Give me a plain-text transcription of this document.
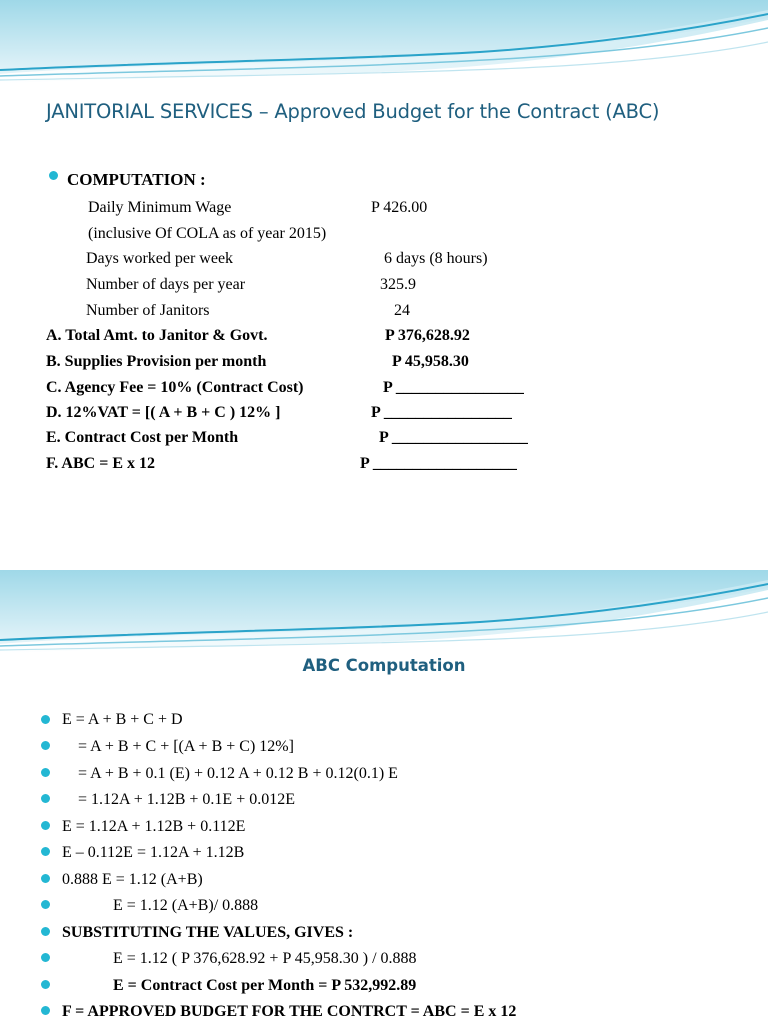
JANITORIAL SERVICES – Approved Budget for the Contract (ABC)
COMPUTATION :
Daily Minimum Wage	P 426.00
(inclusive Of COLA as of year 2015)
Days worked per week	6 days (8 hours)
Number of days per year	325.9
Number of Janitors	24
A. Total Amt. to Janitor & Govt.	P 376,628.92
B. Supplies Provision per month	P 45,958.30
C. Agency Fee = 10% (Contract Cost)	P ________________
D. 12%VAT = [( A + B + C ) 12% ]	P ________________
E. Contract Cost per Month	P _________________
F. ABC = E x 12	P __________________
ABC Computation
E = A + B + C + D
= A + B + C + [(A + B + C) 12%]
= A + B + 0.1 (E) + 0.12 A + 0.12 B + 0.12(0.1) E
= 1.12A + 1.12B + 0.1E + 0.012E
E = 1.12A + 1.12B + 0.112E
E – 0.112E = 1.12A + 1.12B
0.888 E = 1.12 (A+B)
E = 1.12 (A+B)/ 0.888
SUBSTITUTING THE VALUES, GIVES :
E = 1.12 ( P 376,628.92 + P 45,958.30 ) / 0.888
E = Contract Cost per Month = P 532,992.89
F = APPROVED BUDGET FOR THE CONTRCT = ABC = E x 12
